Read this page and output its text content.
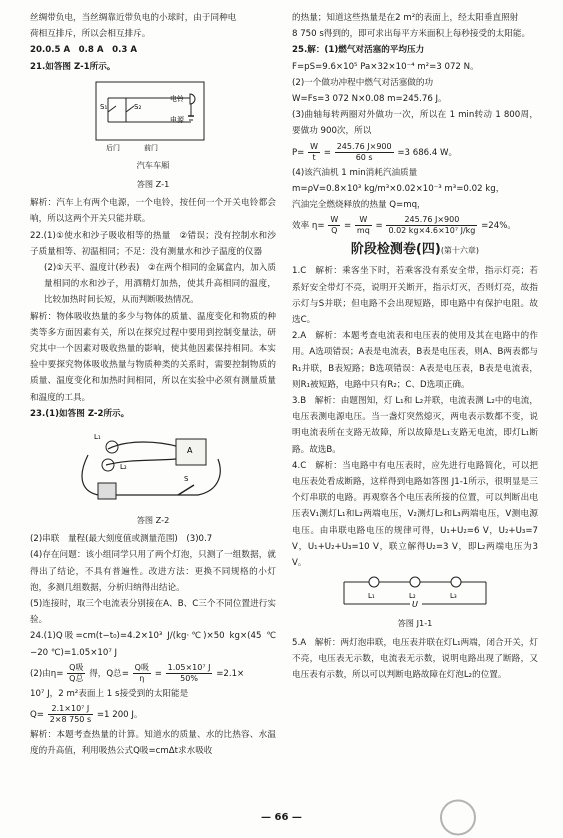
丝绸带负电，当丝绸靠近带负电的小球时，由于同种电

荷相互排斥，所以会相互排斥。

20.0.5 A　0.8 A　0.3 A

21.如答图 Z-1所示。

S₁	S₂
电铃
电源
后门	前门
汽车车厢
答图 Z-1

解析：汽车上有两个电源，一个电铃，按任何一个开关电铃都会响，所以这两个开关只能并联。

22.(1)①使水和沙子吸收相等的热量　②错误；没有控制水和沙子质量相等、初温相同；不足：没有测量水和沙子温度的仪器

(2)①天平、温度计(秒表)　②在两个相同的金属盒内，加入质量相同的水和沙子，用酒精灯加热，使其升高相同的温度，比较加热时间长短，从而判断吸热情况。

解析：物体吸收热量的多少与物体的质量、温度变化和物质的种类等多方面因素有关，所以在探究过程中要用到控制变量法，研究其中一个因素对吸收热量的影响，使其他因素保持相同。本实验中要探究物体吸收热量与物质种类的关系时，需要控制物质的质量、温度变化和加热时间相同，所以在实验中必须有测量质量和温度的工具。

23.(1)如答图 Z-2所示。

A
L₁
L₂
S
答图 Z-2

(2)串联　量程(最大刻度值或测量范围)　(3)0.7

(4)存在问题：该小组同学只用了两个灯泡，只测了一组数据，就得出了结论，不具有普遍性。改进方法：更换不同规格的小灯泡，多测几组数据，分析归纳得出结论。

(5)连接时，取三个电流表分别接在A、B、C三个不同位置进行实验。

24.(1)Q吸=cm(t−t₀)=4.2×10³ J/(kg·℃)×50 kg×(45 ℃−20 ℃)=1.05×10⁷ J

(2)由$\eta= \frac{\text{Q吸}}{\text{Q总}}$ 得，Q总= $\frac{\text{Q吸}}{\eta} = \frac{\text{1.05×10⁷ J}}{50\%} =2.1\times$

10⁷ J，2 m²表面上 1 s接受到的太阳能是

$Q= \frac{\text{2.1×10⁷ J}}{2\times 8 750 s} =1$ 200 J。

解析：本题考查热量的计算。知道水的质量、水的比热容、水温度的升高值，利用吸热公式Q吸=cmΔt求水吸收

的热量；知道这些热量是在2 m²的表面上，经太阳垂直照射

8 750 s得到的，即可求出每平方米面积上每秒接受的太阳能。

25.解：(1)燃气对活塞的平均压力

F=pS=9.6×10⁵ Pa×32×10⁻⁴ m²=3 072 N。

(2)一个做功冲程中燃气对活塞做的功

W=Fs=3 072 N×0.08 m=245.76 J。

(3)曲轴每转两圈对外做功一次，所以在 1 min转动 1 800周，要做功 900次，所以

$P= \frac{W}{t} = \frac{245.76 J\times 900}{60 s} =3$ 686.4 W。

(4)该汽油机 1 min消耗汽油质量

m=ρV=0.8×10³ kg/m³×0.02×10⁻³ m³=0.02 kg，

汽油完全燃烧释放的热量 Q=mq，

效率 $\eta= \frac{W}{Q} = \frac{W}{mq} = \frac{245.76 J\times 900}{\text{0.02 kg×4.6×10⁷ J/kg}} =24\%$。
阶段检测卷(四)(第十六章)

1.C　解析：乘客坐下时，若乘客没有系安全带，指示灯亮；若系好安全带灯不亮，说明开关断开，指示灯灭，否则灯亮，故指示灯与S并联；但电路不会出现短路，即电路中有保护电阻。故选C。

2.A　解析：本题考查电流表和电压表的使用及其在电路中的作用。A选项错误；A表是电流表，B表是电压表，则A、B两表都与R₁并联，B表短路；B选项错误：A表是电压表，B表是电流表，则R₁被短路，电路中只有R₂；C、D选项正确。

3.B　解析：由题图知，灯 L₁和 L₂并联，电流表测 L₂中的电流，电压表测电源电压。当一盏灯突然熄灭，两电表示数都不变，说明电流表所在支路无故障，所以故障是L₁支路无电流，即灯L₁断路。故选B。

4.C　解析：当电路中有电压表时，应先进行电路简化，可以把电压表处看成断路，这样得到电路如答图 J1-1所示，很明显是三个灯串联的电路。再观察各个电压表所接的位置，可以判断出电压表V₁测灯L₁和L₂两端电压，V₂测灯L₂和L₃两端电压，V测电源电压。由串联电路电压的规律可得，U₁+U₂=6 V，U₂+U₃=7 V，U₁+U₂+U₃=10 V，联立解得U₂=3 V，即L₂两端电压为3 V。

L₁	L₂	L₃
U
答图 J1-1

5.A　解析：两灯泡串联，电压表并联在灯L₁两端，闭合开关，灯不亮，电压表无示数，电流表无示数，说明电路出现了断路，又电压表有示数，所以可以判断电路故障在灯泡L₂的位置。

— 66 —
